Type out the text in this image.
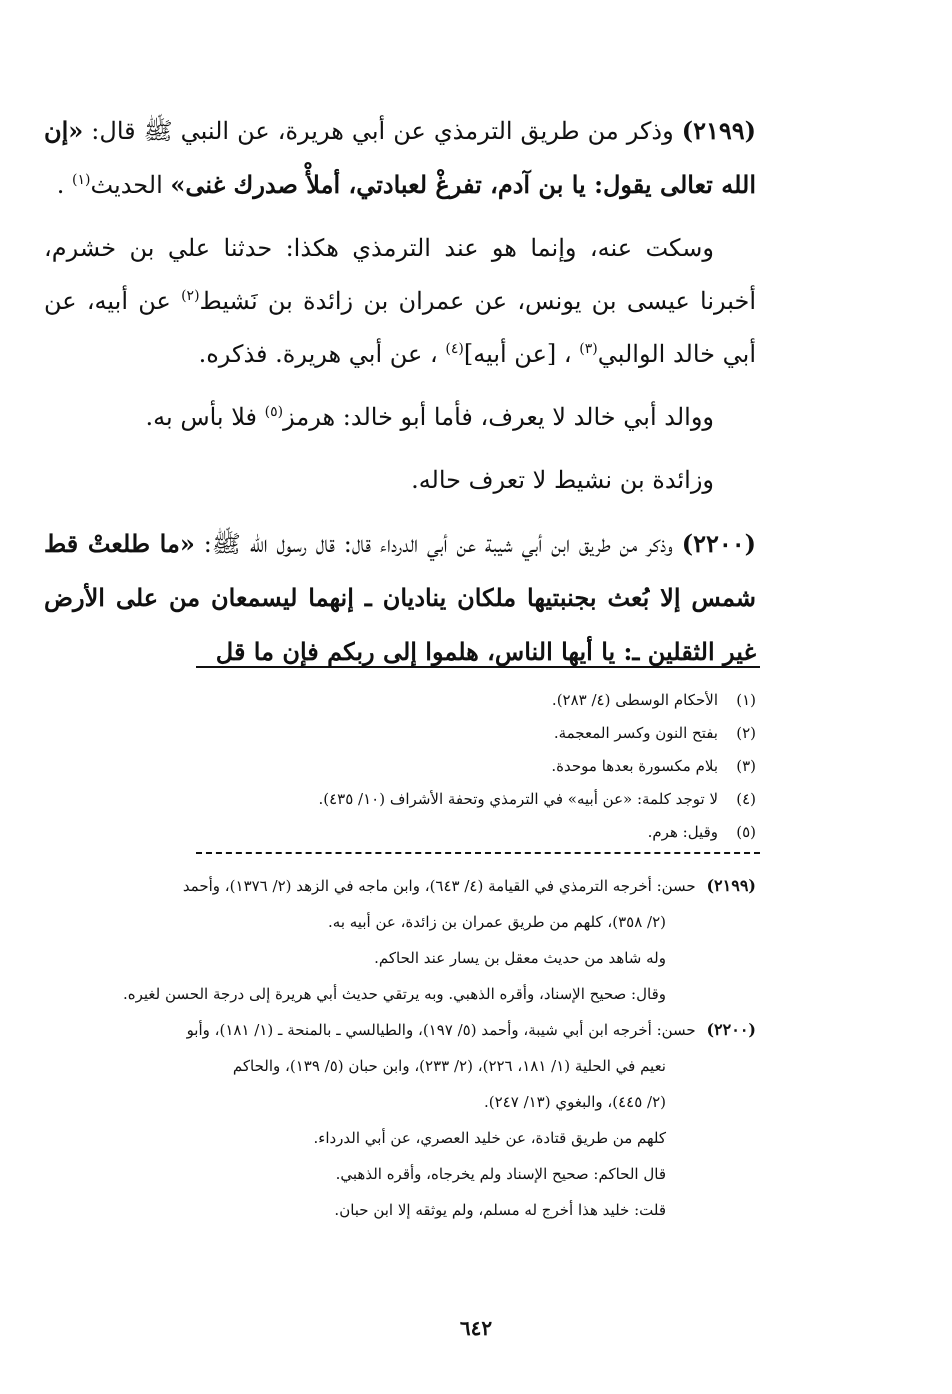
(٢١٩٩) وذكر من طريق الترمذي عن أبي هريرة، عن النبي ﷺ قال: «إن الله تعالى يقول: يا بن آدم، تفرغْ لعبادتي، أملأْ صدرك غنى» الحديث$^{(١)}$ .

وسكت عنه، وإنما هو عند الترمذي هكذا: حدثنا علي بن خشرم، أخبرنا عيسى بن يونس، عن عمران بن زائدة بن نَشيط$^{(٢)}$ عن أبيه، عن أبي خالد الوالبي$^{(٣)}$ ، [عن أبيه]$^{(٤)}$ ، عن أبي هريرة. فذكره.

ووالد أبي خالد لا يعرف، فأما أبو خالد: هرمز$^{(٥)}$ فلا بأس به.

وزائدة بن نشيط لا تعرف حاله.

(٢٢٠٠) وذكر من طريق ابن أبي شيبة عن أبي الدرداء قال: قال رسول الله ﷺ: «ما طلعتْ قط شمس إلا بُعث بجنبتيها ملكان يناديان ـ إنهما ليسمعان من على الأرض غير الثقلين ـ: يا أيها الناس، هلموا إلى ربكم فإن ما قل

(١)الأحكام الوسطى (٤/ ٢٨٣).
(٢)بفتح النون وكسر المعجمة.
(٣)بلام مكسورة بعدها موحدة.
(٤)لا توجد كلمة: «عن أبيه» في الترمذي وتحفة الأشراف (١٠/ ٤٣٥).
(٥)وقيل: هرم.
(٢١٩٩) حسن: أخرجه الترمذي في القيامة (٤/ ٦٤٣)، وابن ماجه في الزهد (٢/ ١٣٧٦)، وأحمد
(٢/ ٣٥٨)، كلهم من طريق عمران بن زائدة، عن أبيه به.
وله شاهد من حديث معقل بن يسار عند الحاكم.
وقال: صحيح الإسناد، وأقره الذهبي. وبه يرتقي حديث أبي هريرة إلى درجة الحسن لغيره.
(٢٢٠٠) حسن: أخرجه ابن أبي شيبة، وأحمد (٥/ ١٩٧)، والطيالسي ـ بالمنحة ـ (١/ ١٨١)، وأبو
نعيم في الحلية (١/ ١٨١، ٢٢٦)، (٢/ ٢٣٣)، وابن حبان (٥/ ١٣٩)، والحاكم
(٢/ ٤٤٥)، والبغوي (١٣/ ٢٤٧).
كلهم من طريق قتادة، عن خليد العصري، عن أبي الدرداء.
قال الحاكم: صحيح الإسناد ولم يخرجاه، وأقره الذهبي.
قلت: خليد هذا أخرج له مسلم، ولم يوثقه إلا ابن حبان.
٦٤٢
